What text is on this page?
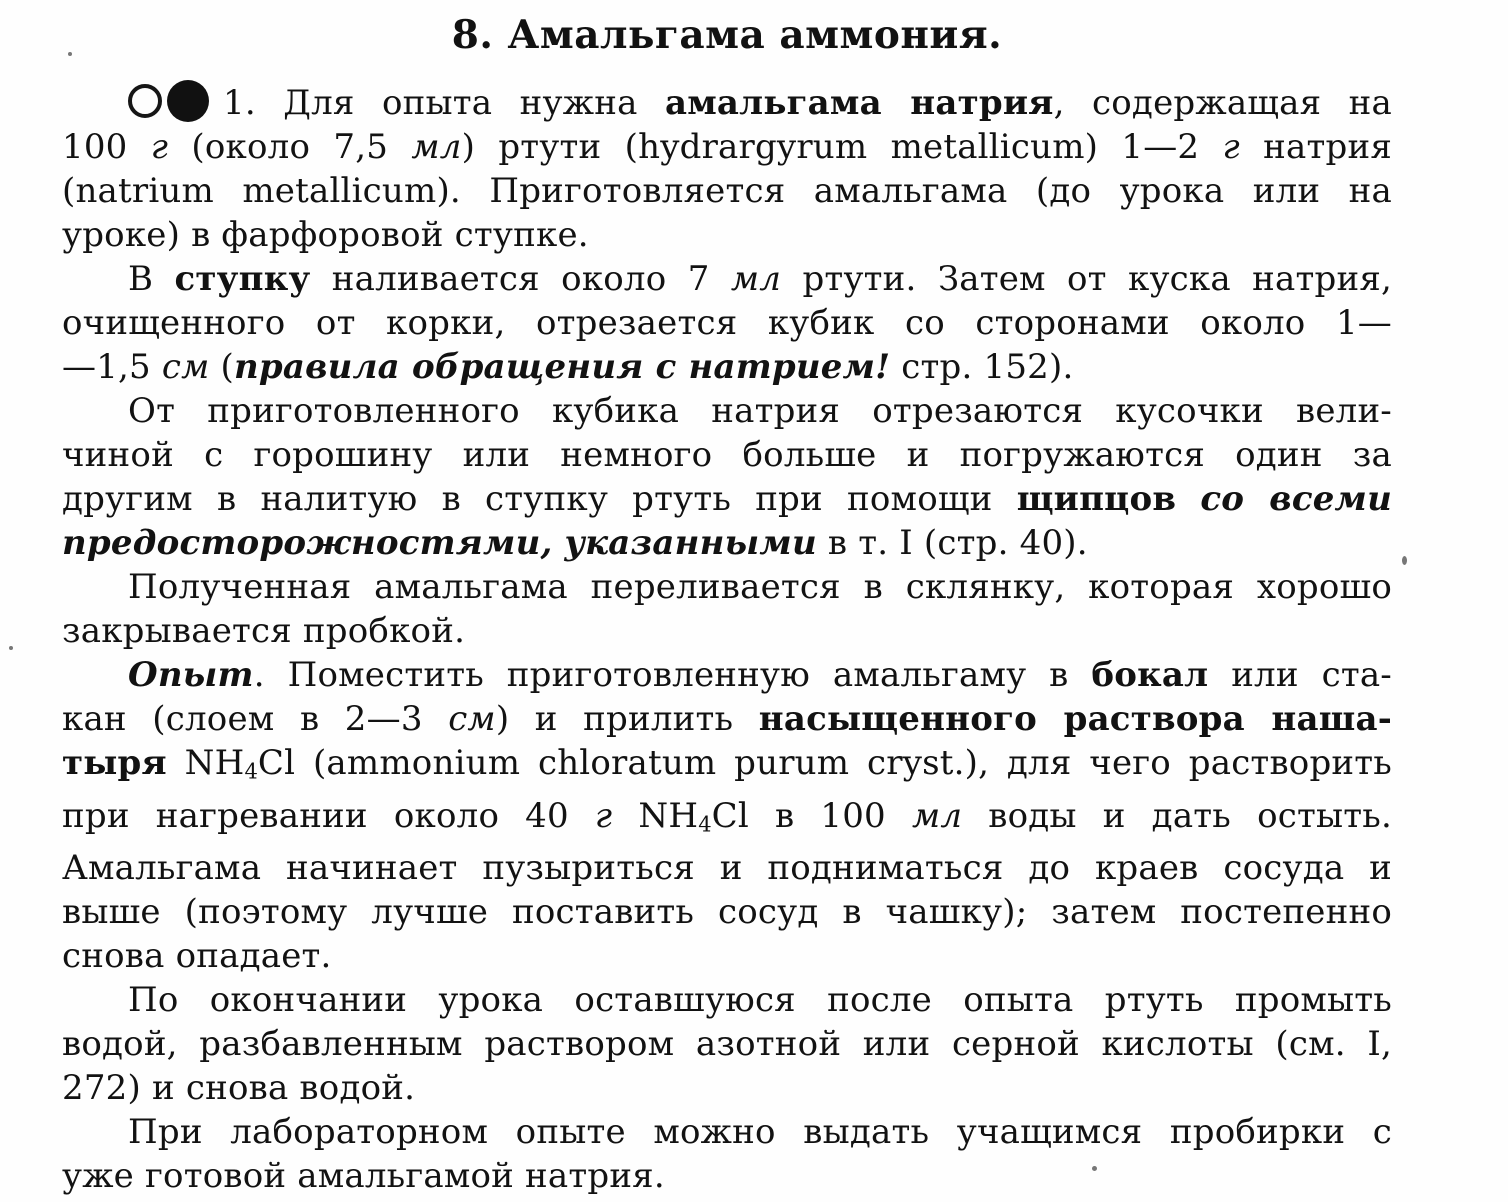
8. Амальгама аммония.

1. Для опыта нужна амальгама натрия, содержащая на
100 г (около 7,5 мл) ртути (hydrargyrum metallicum) 1—2 г натрия
(natrium metallicum). Приготовляется амальгама (до урока или на
уроке) в фарфоровой ступке.

В ступку наливается около 7 мл ртути. Затем от куска натрия,
очищенного от корки, отрезается кубик со сторонами около 1—
—1,5 см (правила обращения с натрием! стр. 152).

От приготовленного кубика натрия отрезаются кусочки вели-
чиной с горошину или немного больше и погружаются один за
другим в налитую в ступку ртуть при помощи щипцов со всеми
предосторожностями, указанными в т. I (стр. 40).

Полученная амальгама переливается в склянку, которая хорошо
закрывается пробкой.

Опыт. Поместить приготовленную амальгаму в бокал или ста-
кан (слоем в 2—3 см) и прилить насыщенного раствора наша-
тыря $NH_4Cl$ (ammonium chloratum purum cryst.), для чего растворить
при нагревании около 40 г $NH_4Cl$ в 100 мл воды и дать остыть.
Амальгама начинает пузыриться и подниматься до краев сосуда и
выше (поэтому лучше поставить сосуд в чашку); затем постепенно
снова опадает.

По окончании урока оставшуюся после опыта ртуть промыть
водой, разбавленным раствором азотной или серной кислоты (см. I,
272) и снова водой.

При лабораторном опыте можно выдать учащимся пробирки с
уже готовой амальгамой натрия.
